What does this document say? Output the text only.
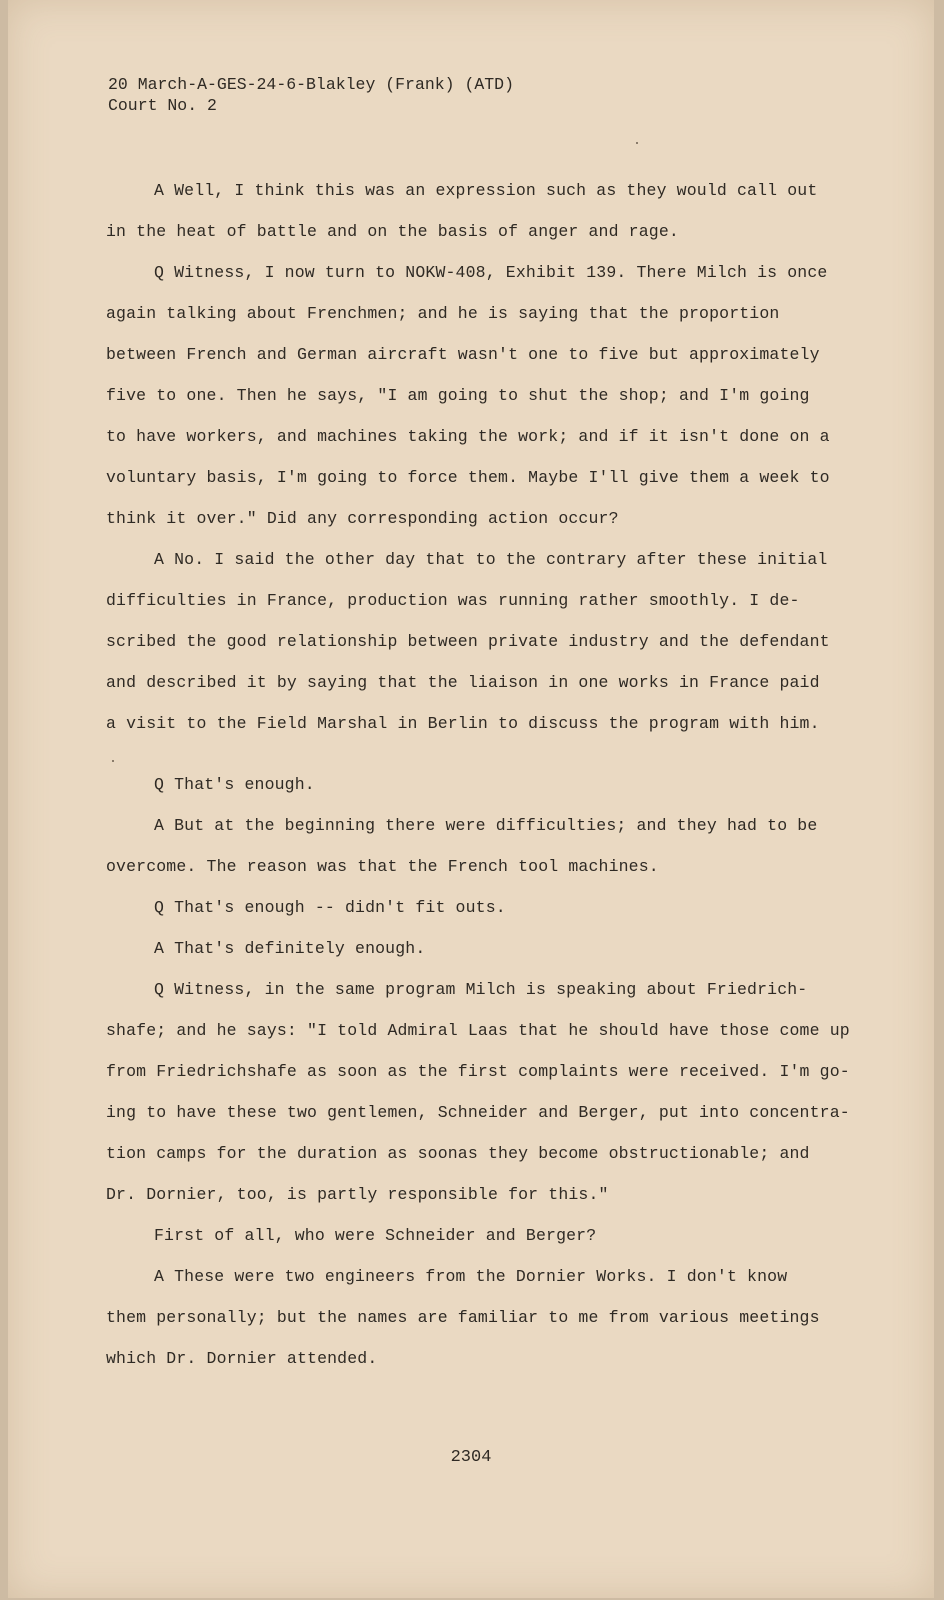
20 March-A-GES-24-6-Blakley (Frank) (ATD)
Court No. 2
A Well, I think this was an expression such as they would call out
in the heat of battle and on the basis of anger and rage.
Q Witness, I now turn to NOKW-408, Exhibit 139. There Milch is once
again talking about Frenchmen; and he is saying that the proportion
between French and German aircraft wasn't one to five but approximately
five to one. Then he says, "I am going to shut the shop; and I'm going
to have workers, and machines taking the work; and if it isn't done on a
voluntary basis, I'm going to force them. Maybe I'll give them a week to
think it over." Did any corresponding action occur?
A No. I said the other day that to the contrary after these initial
difficulties in France, production was running rather smoothly. I de-
scribed the good relationship between private industry and the defendant
and described it by saying that the liaison in one works in France paid
a visit to the Field Marshal in Berlin to discuss the program with him.
Q That's enough.
A But at the beginning there were difficulties; and they had to be
overcome. The reason was that the French tool machines.
Q That's enough -- didn't fit outs.
A That's definitely enough.
Q Witness, in the same program Milch is speaking about Friedrich-
shafe; and he says: "I told Admiral Laas that he should have those come up
from Friedrichshafe as soon as the first complaints were received. I'm go-
ing to have these two gentlemen, Schneider and Berger, put into concentra-
tion camps for the duration as soonas they become obstructionable; and
Dr. Dornier, too, is partly responsible for this."
First of all, who were Schneider and Berger?
A These were two engineers from the Dornier Works. I don't know
them personally; but the names are familiar to me from various meetings
which Dr. Dornier attended.
2304
